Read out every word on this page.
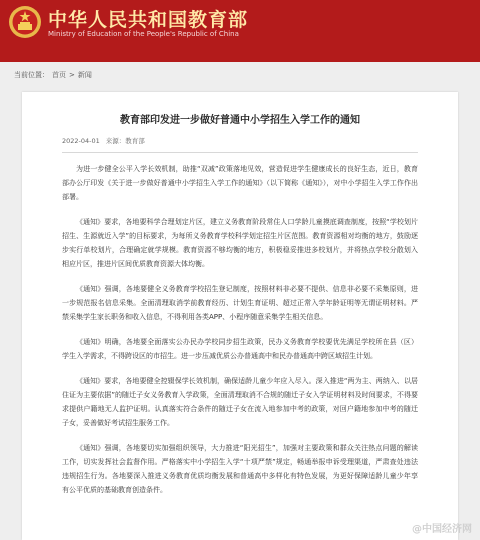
中华人民共和国教育部
Ministry of Education of the People's Republic of China
当前位置： 首页 > 新闻
教育部印发进一步做好普通中小学招生入学工作的通知
2022-04-01 来源：教育部

为进一步健全公平入学长效机制，助推“双减”政策落地见效，营造促进学生健康成长的良好生态，近日，教育部办公厅印发《关于进一步做好普通中小学招生入学工作的通知》（以下简称《通知》），对中小学招生入学工作作出部署。

《通知》要求，各地要科学合理划定片区，建立义务教育阶段常住人口学龄儿童摸底调查制度，按照“学校划片招生、生源就近入学”的目标要求，为每所义务教育学校科学划定招生片区范围。教育资源相对均衡的地方，鼓励逐步实行单校划片，合理确定就学规模。教育资源不够均衡的地方，积极稳妥推进多校划片，并将热点学校分散划入相应片区，推进片区间优质教育资源大体均衡。

《通知》强调，各地要健全义务教育学校招生登记制度，按照材料非必要不提供、信息非必要不采集原则，进一步规范报名信息采集。全面清理取消学前教育经历、计划生育证明、超过正常入学年龄证明等无谓证明材料。严禁采集学生家长职务和收入信息，不得利用各类APP、小程序随意采集学生相关信息。

《通知》明确，各地要全面落实公办民办学校同步招生政策，民办义务教育学校要优先满足学校所在县（区）学生入学需求，不得跨设区的市招生。进一步压减优质公办普通高中和民办普通高中跨区域招生计划。

《通知》要求，各地要健全控辍保学长效机制，确保适龄儿童少年应入尽入。深入推进“两为主、两纳入、以居住证为主要依据”的随迁子女义务教育入学政策，全面清理取消不合规的随迁子女入学证明材料及时间要求，不得要求提供户籍地无人监护证明。认真落实符合条件的随迁子女在流入地参加中考的政策，对回户籍地参加中考的随迁子女，妥善做好考试招生服务工作。

《通知》强调，各地要切实加强组织领导，大力推进“阳光招生”，加强对主要政策和群众关注热点问题的解读工作，切实发挥社会监督作用。严格落实中小学招生入学“十项严禁”规定，畅通举报申诉受理渠道，严肃查处违法违规招生行为。各地要深入推进义务教育优质均衡发展和普通高中多样化有特色发展，为更好保障适龄儿童少年享有公平优质的基础教育创造条件。

@中国经济网
